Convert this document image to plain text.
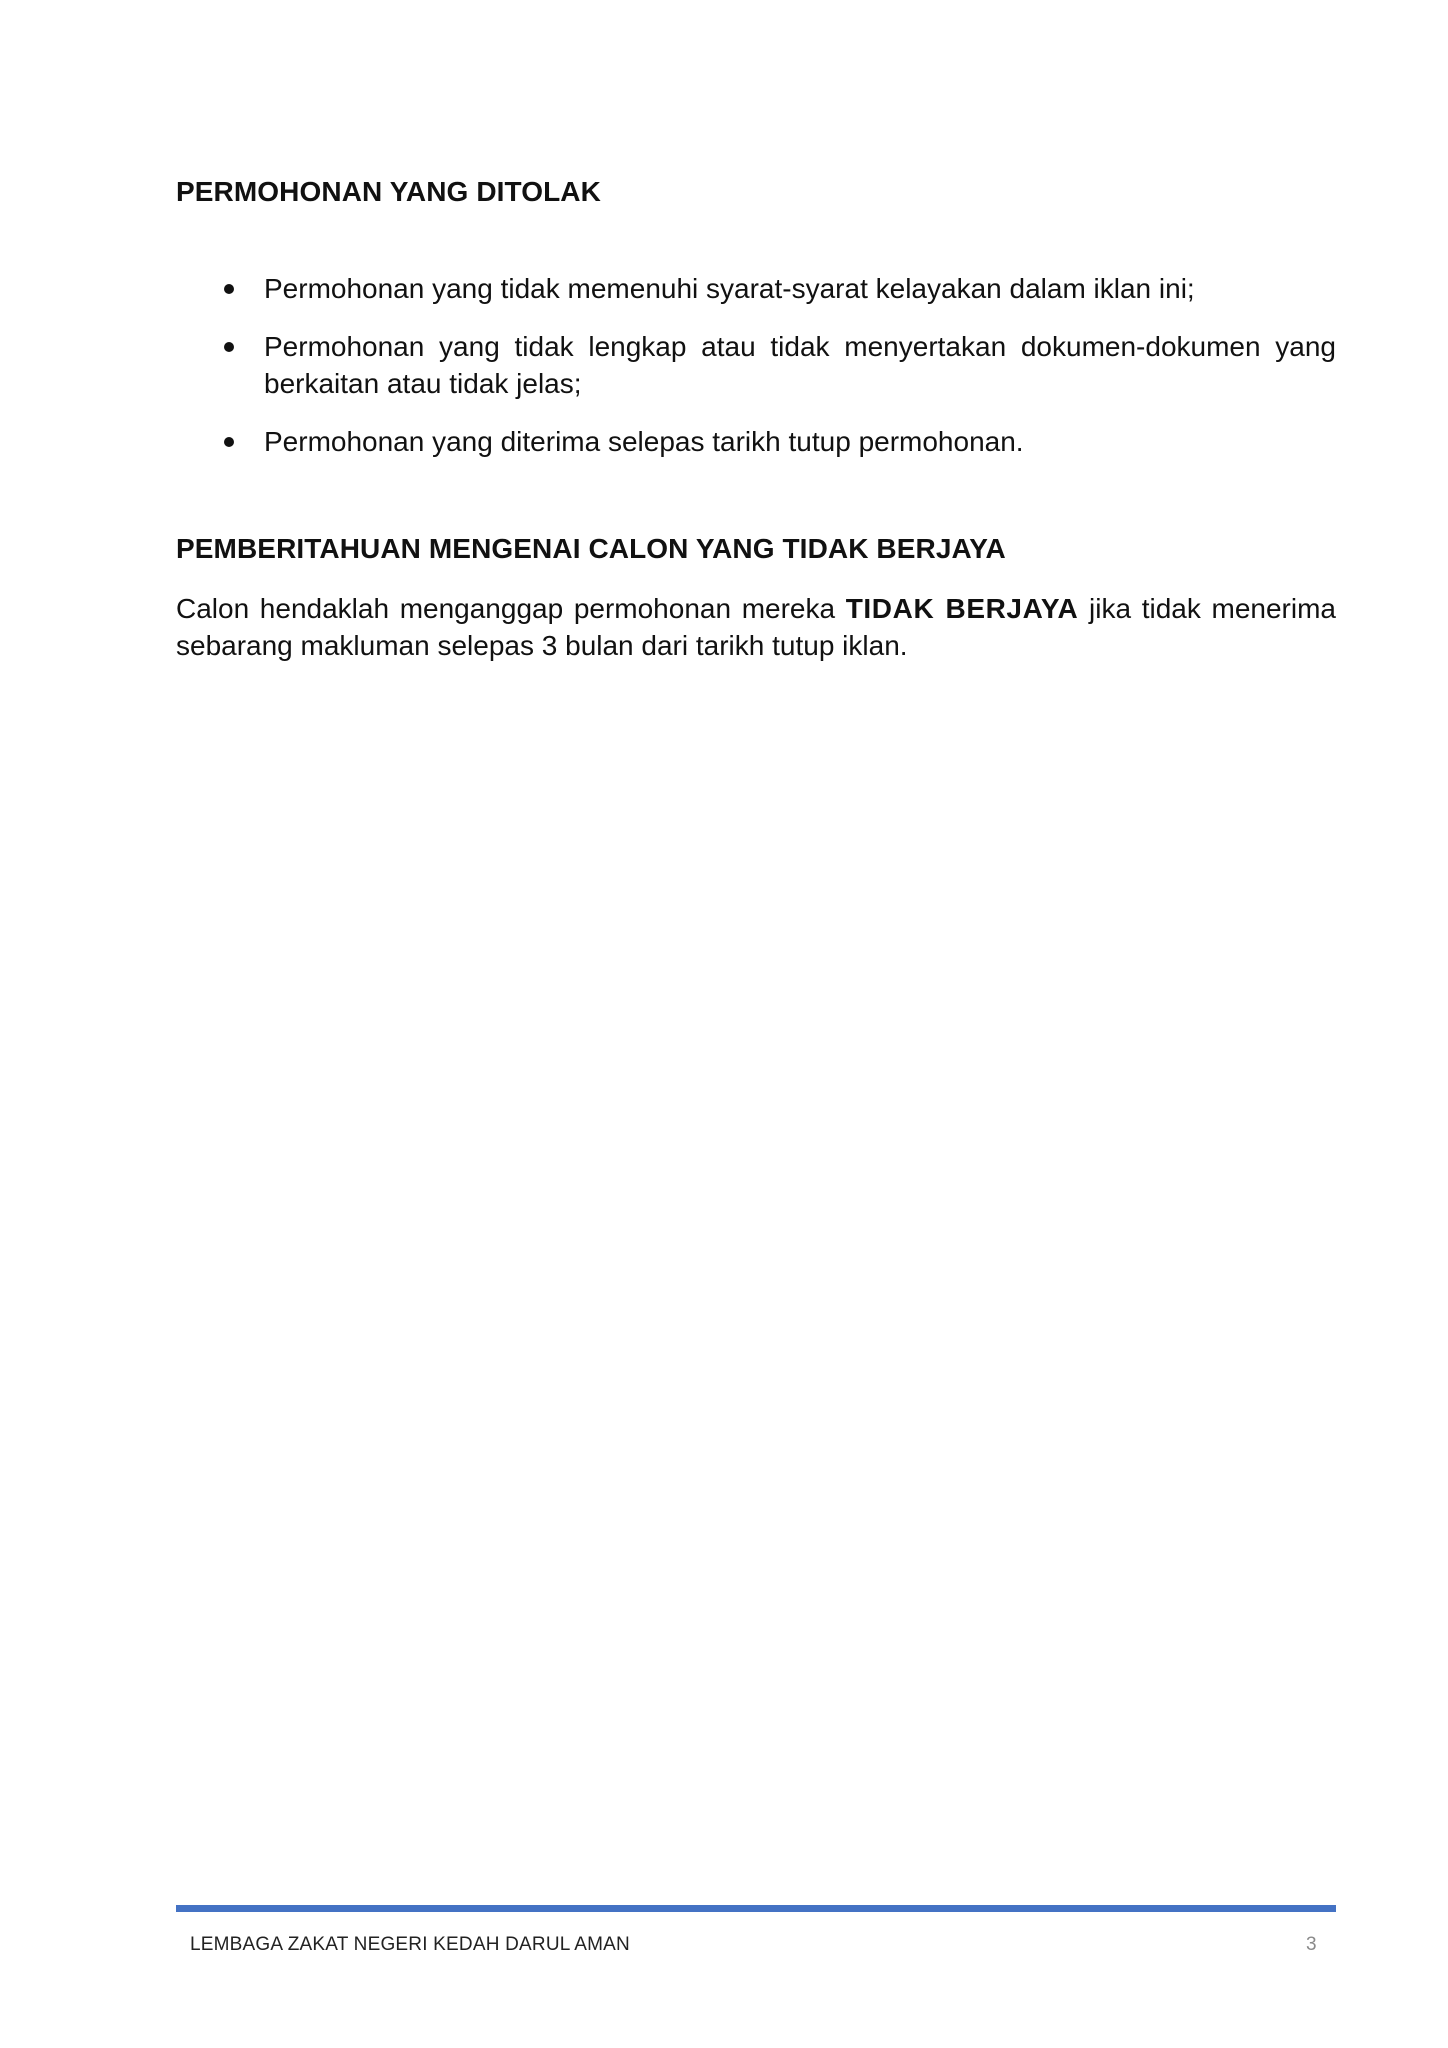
PERMOHONAN YANG DITOLAK
Permohonan yang tidak memenuhi syarat-syarat kelayakan dalam iklan ini;
Permohonan yang tidak lengkap atau tidak menyertakan dokumen-dokumen yang berkaitan atau tidak jelas;
Permohonan yang diterima selepas tarikh tutup permohonan.
PEMBERITAHUAN MENGENAI CALON YANG TIDAK BERJAYA

Calon hendaklah menganggap permohonan mereka TIDAK BERJAYA jika tidak menerima sebarang makluman selepas 3 bulan dari tarikh tutup iklan.

LEMBAGA ZAKAT NEGERI KEDAH DARUL AMAN	3
